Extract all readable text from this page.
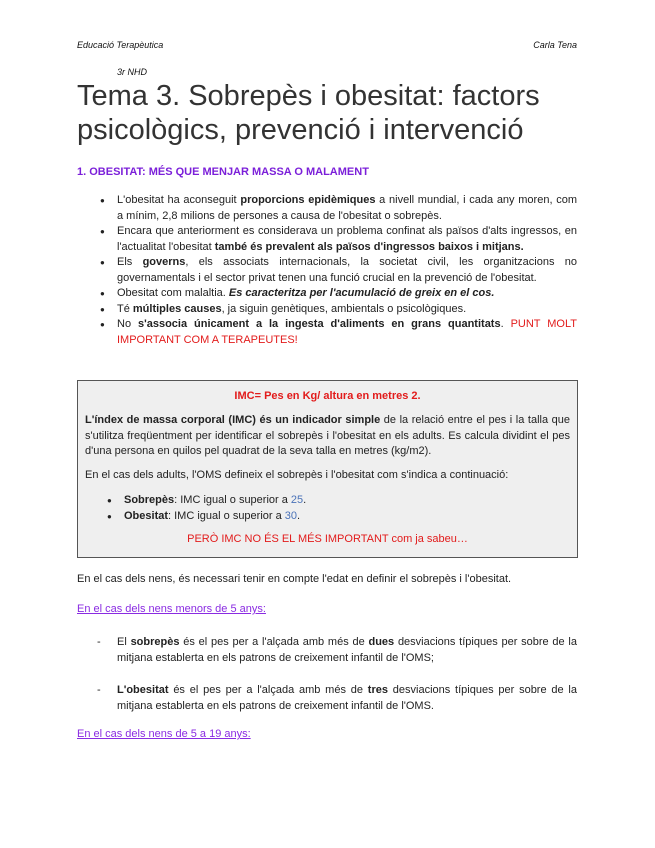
Educació Terapèutica	Carla Tena
3r NHD
Tema 3. Sobrepès i obesitat: factors
psicològics, prevenció i intervenció
1. OBESITAT: MÉS QUE MENJAR MASSA O MALAMENT
● L'obesitat ha aconseguit proporcions epidèmiques a nivell mundial, i cada any moren, com a mínim, 2,8 milions de persones a causa de l'obesitat o sobrepès.
● Encara que anteriorment es considerava un problema confinat als països d'alts ingressos, en l'actualitat l'obesitat també és prevalent als països d'ingressos baixos i mitjans.
● Els governs, els associats internacionals, la societat civil, les organitzacions no governamentals i el sector privat tenen una funció crucial en la prevenció de l'obesitat.
● Obesitat com malaltia. Es caracteritza per l'acumulació de greix en el cos.
● Té múltiples causes, ja siguin genètiques, ambientals o psicològiques.
● No s'associa únicament a la ingesta d'aliments en grans quantitats. PUNT MOLT IMPORTANT COM A TERAPEUTES!
IMC= Pes en Kg/ altura en metres 2.
L'índex de massa corporal (IMC) és un indicador simple de la relació entre el pes i la talla que s'utilitza freqüentment per identificar el sobrepès i l'obesitat en els adults. Es calcula dividint el pes d'una persona en quilos pel quadrat de la seva talla en metres (kg/m2).
En el cas dels adults, l'OMS defineix el sobrepès i l'obesitat com s'indica a continuació:
● Sobrepès: IMC igual o superior a 25.
● Obesitat: IMC igual o superior a 30.
PERÒ IMC NO ÉS EL MÉS IMPORTANT com ja sabeu…
En el cas dels nens, és necessari tenir en compte l'edat en definir el sobrepès i l'obesitat.
En el cas dels nens menors de 5 anys:
- El sobrepès és el pes per a l'alçada amb més de dues desviacions típiques per sobre de la mitjana establerta en els patrons de creixement infantil de l'OMS;
- L'obesitat és el pes per a l'alçada amb més de tres desviacions típiques per sobre de la mitjana establerta en els patrons de creixement infantil de l'OMS.
En el cas dels nens de 5 a 19 anys:
